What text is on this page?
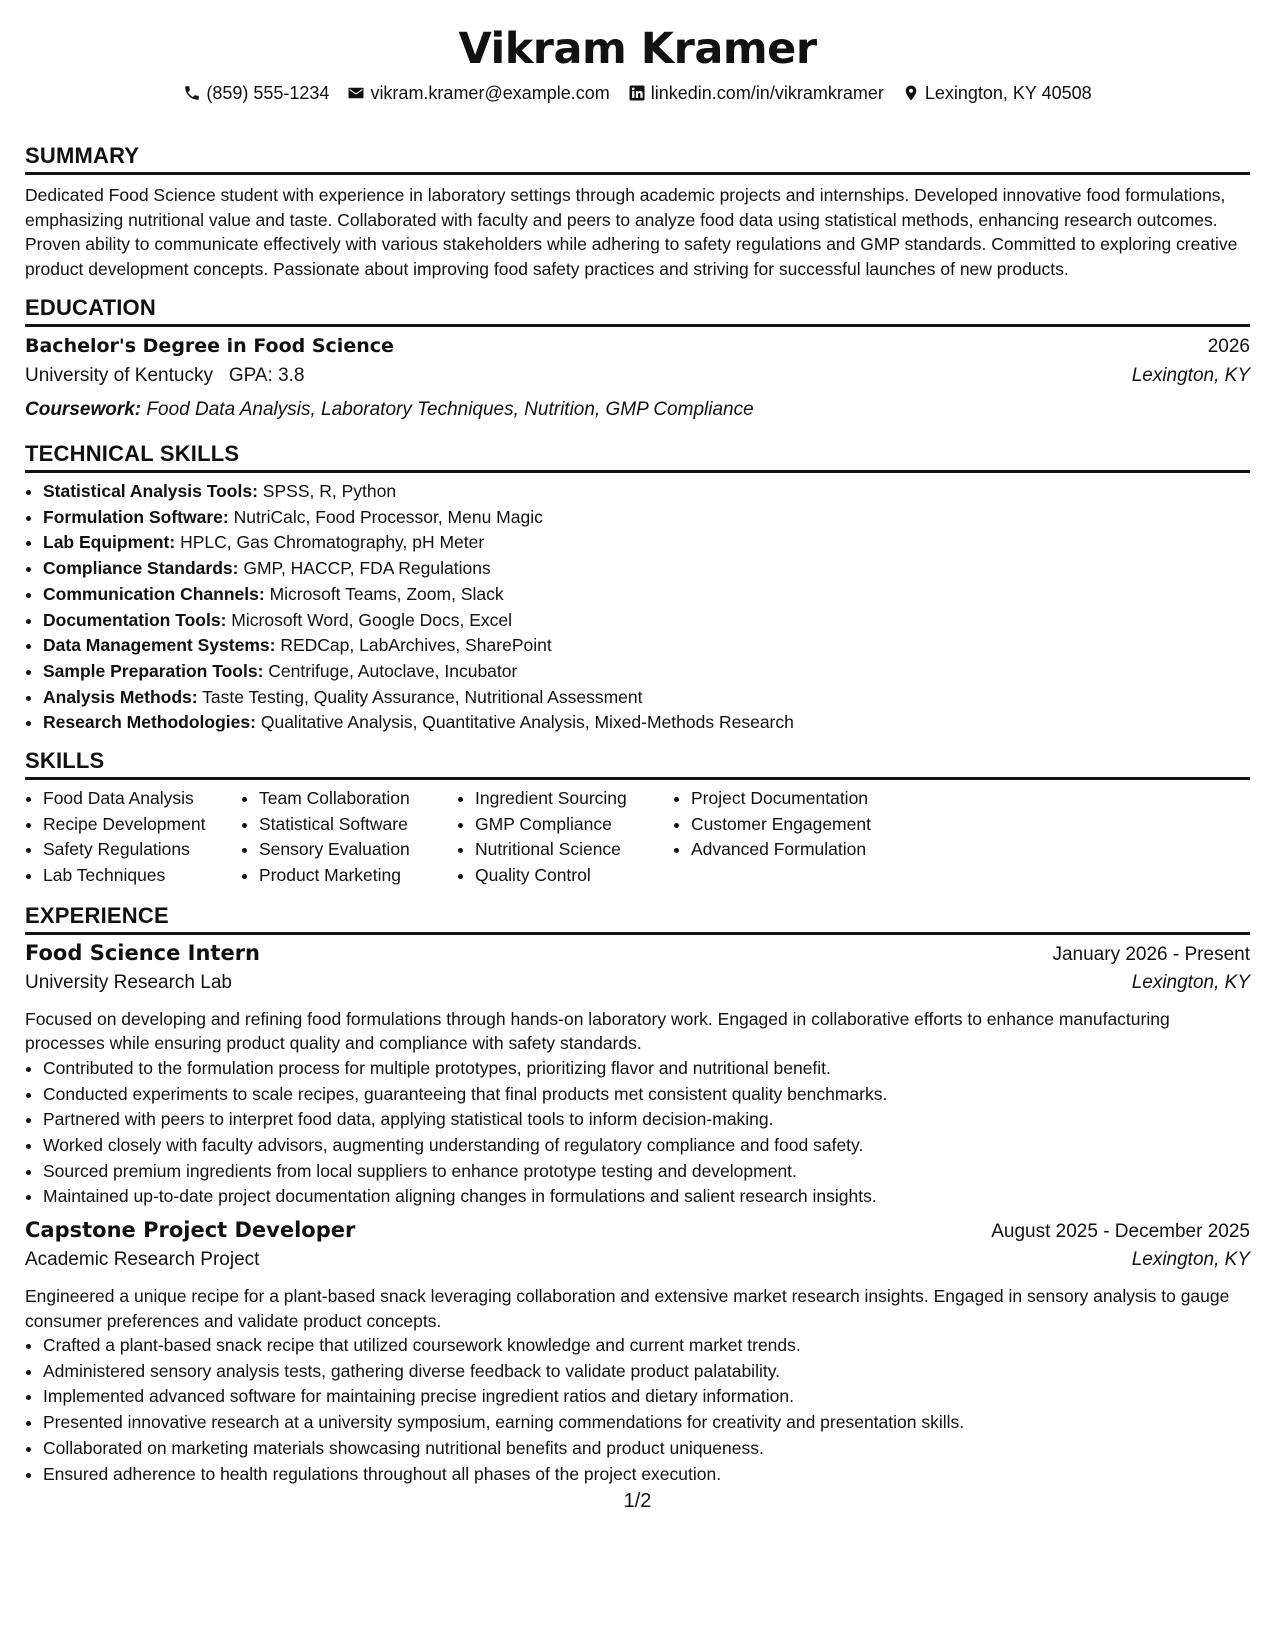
Vikram Kramer
(859) 555-1234 vikram.kramer@example.com linkedin.com/in/vikramkramer Lexington, KY 40508
SUMMARY

Dedicated Food Science student with experience in laboratory settings through academic projects and internships. Developed innovative food formulations, emphasizing nutritional value and taste. Collaborated with faculty and peers to analyze food data using statistical methods, enhancing research outcomes. Proven ability to communicate effectively with various stakeholders while adhering to safety regulations and GMP standards. Committed to exploring creative product development concepts. Passionate about improving food safety practices and striving for successful launches of new products.

EDUCATION
Bachelor's Degree in Food Science	2026
University of Kentucky GPA: 3.8	Lexington, KY
Coursework: Food Data Analysis, Laboratory Techniques, Nutrition, GMP Compliance
TECHNICAL SKILLS
• Statistical Analysis Tools: SPSS, R, Python
• Formulation Software: NutriCalc, Food Processor, Menu Magic
• Lab Equipment: HPLC, Gas Chromatography, pH Meter
• Compliance Standards: GMP, HACCP, FDA Regulations
• Communication Channels: Microsoft Teams, Zoom, Slack
• Documentation Tools: Microsoft Word, Google Docs, Excel
• Data Management Systems: REDCap, LabArchives, SharePoint
• Sample Preparation Tools: Centrifuge, Autoclave, Incubator
• Analysis Methods: Taste Testing, Quality Assurance, Nutritional Assessment
• Research Methodologies: Qualitative Analysis, Quantitative Analysis, Mixed-Methods Research
SKILLS
• Food Data Analysis
• Recipe Development
• Safety Regulations
• Lab Techniques
• Team Collaboration
• Statistical Software
• Sensory Evaluation
• Product Marketing
• Ingredient Sourcing
• GMP Compliance
• Nutritional Science
• Quality Control
• Project Documentation
• Customer Engagement
• Advanced Formulation
EXPERIENCE
Food Science Intern	January 2026 - Present
University Research Lab	Lexington, KY

Focused on developing and refining food formulations through hands-on laboratory work. Engaged in collaborative efforts to enhance manufacturing processes while ensuring product quality and compliance with safety standards.

• Contributed to the formulation process for multiple prototypes, prioritizing flavor and nutritional benefit.
• Conducted experiments to scale recipes, guaranteeing that final products met consistent quality benchmarks.
• Partnered with peers to interpret food data, applying statistical tools to inform decision-making.
• Worked closely with faculty advisors, augmenting understanding of regulatory compliance and food safety.
• Sourced premium ingredients from local suppliers to enhance prototype testing and development.
• Maintained up-to-date project documentation aligning changes in formulations and salient research insights.
Capstone Project Developer	August 2025 - December 2025
Academic Research Project	Lexington, KY

Engineered a unique recipe for a plant-based snack leveraging collaboration and extensive market research insights. Engaged in sensory analysis to gauge consumer preferences and validate product concepts.

• Crafted a plant-based snack recipe that utilized coursework knowledge and current market trends.
• Administered sensory analysis tests, gathering diverse feedback to validate product palatability.
• Implemented advanced software for maintaining precise ingredient ratios and dietary information.
• Presented innovative research at a university symposium, earning commendations for creativity and presentation skills.
• Collaborated on marketing materials showcasing nutritional benefits and product uniqueness.
• Ensured adherence to health regulations throughout all phases of the project execution.
1/2
